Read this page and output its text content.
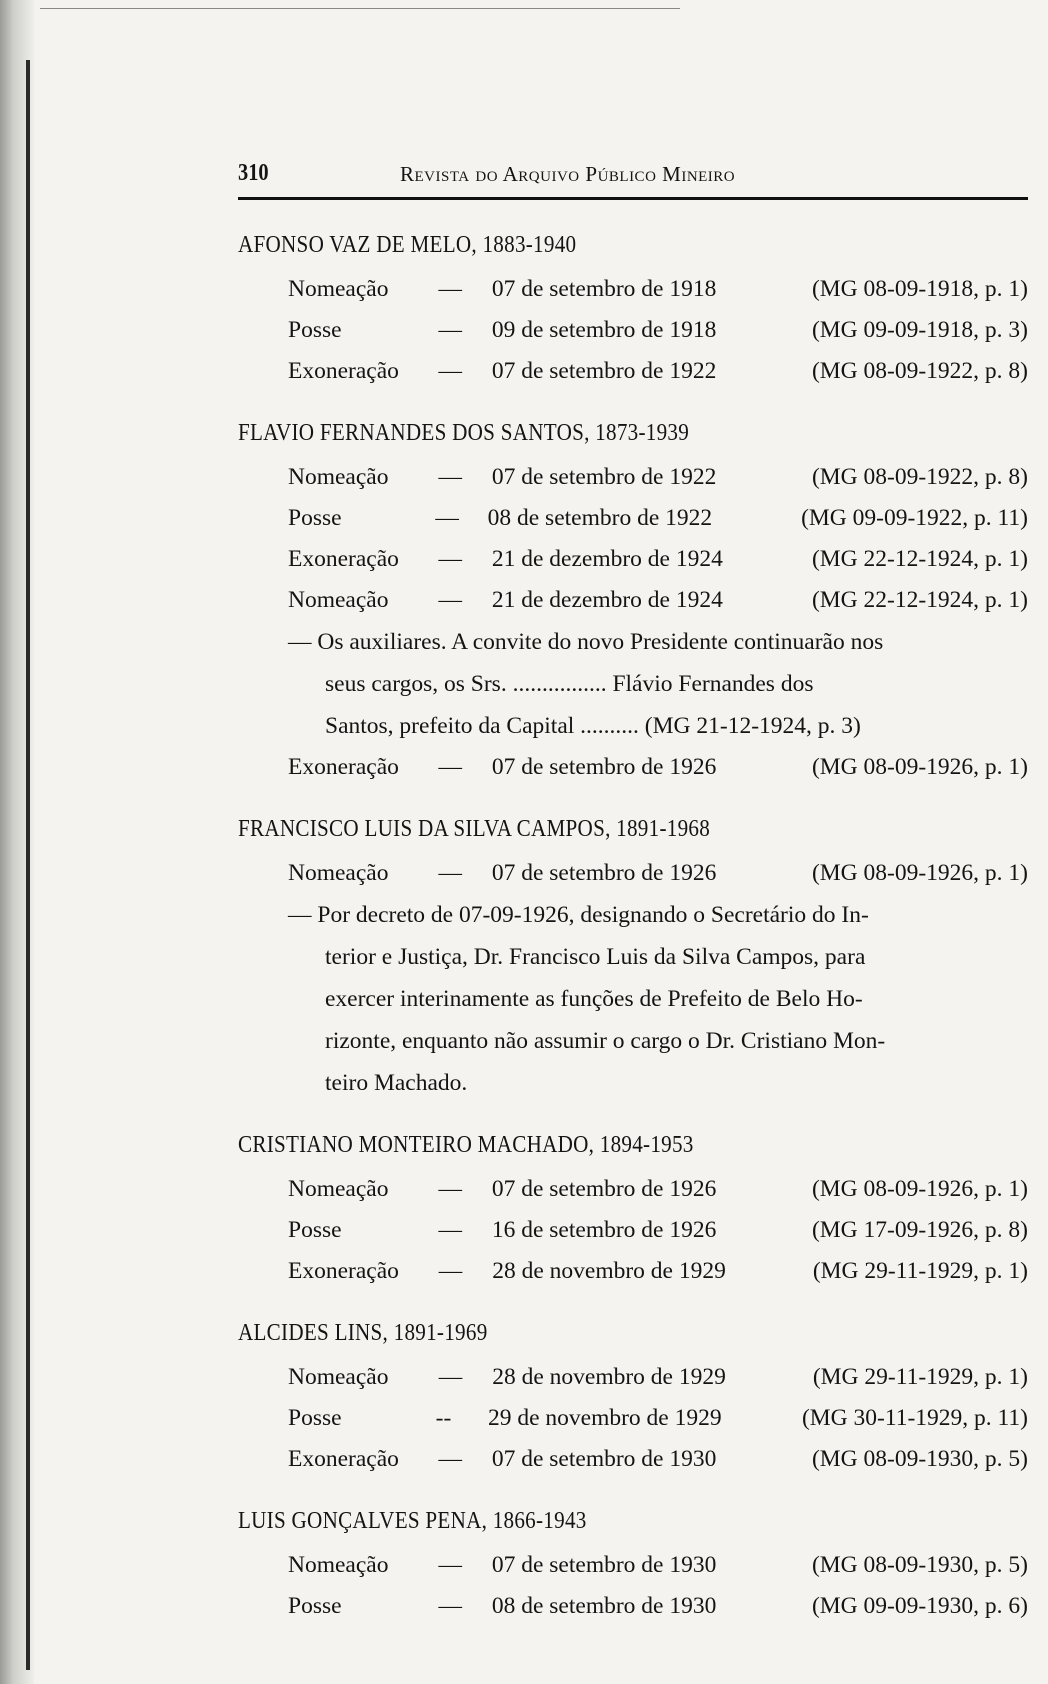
310	Revista do Arquivo Público Mineiro
AFONSO VAZ DE MELO, 1883-1940
Nomeação	—	07 de setembro de 1918	(MG 08-09-1918, p. 1)
Posse	—	09 de setembro de 1918	(MG 09-09-1918, p. 3)
Exoneração	—	07 de setembro de 1922	(MG 08-09-1922, p. 8)
FLAVIO FERNANDES DOS SANTOS, 1873-1939
Nomeação	—	07 de setembro de 1922	(MG 08-09-1922, p. 8)
Posse	—	08 de setembro de 1922	(MG 09-09-1922, p. 11)
Exoneração	—	21 de dezembro de 1924	(MG 22-12-1924, p. 1)
Nomeação	—	21 de dezembro de 1924	(MG 22-12-1924, p. 1)
— Os auxiliares. A convite do novo Presidente continuarão nos
seus cargos, os Srs. ................ Flávio Fernandes dos
Santos, prefeito da Capital .......... (MG 21-12-1924, p. 3)
Exoneração	—	07 de setembro de 1926	(MG 08-09-1926, p. 1)
FRANCISCO LUIS DA SILVA CAMPOS, 1891-1968
Nomeação	—	07 de setembro de 1926	(MG 08-09-1926, p. 1)
— Por decreto de 07-09-1926, designando o Secretário do In-
terior e Justiça, Dr. Francisco Luis da Silva Campos, para
exercer interinamente as funções de Prefeito de Belo Ho-
rizonte, enquanto não assumir o cargo o Dr. Cristiano Mon-
teiro Machado.
CRISTIANO MONTEIRO MACHADO, 1894-1953
Nomeação	—	07 de setembro de 1926	(MG 08-09-1926, p. 1)
Posse	—	16 de setembro de 1926	(MG 17-09-1926, p. 8)
Exoneração	—	28 de novembro de 1929	(MG 29-11-1929, p. 1)
ALCIDES LINS, 1891-1969
Nomeação	—	28 de novembro de 1929	(MG 29-11-1929, p. 1)
Posse	--	29 de novembro de 1929	(MG 30-11-1929, p. 11)
Exoneração	—	07 de setembro de 1930	(MG 08-09-1930, p. 5)
LUIS GONÇALVES PENA, 1866-1943
Nomeação	—	07 de setembro de 1930	(MG 08-09-1930, p. 5)
Posse	—	08 de setembro de 1930	(MG 09-09-1930, p. 6)
